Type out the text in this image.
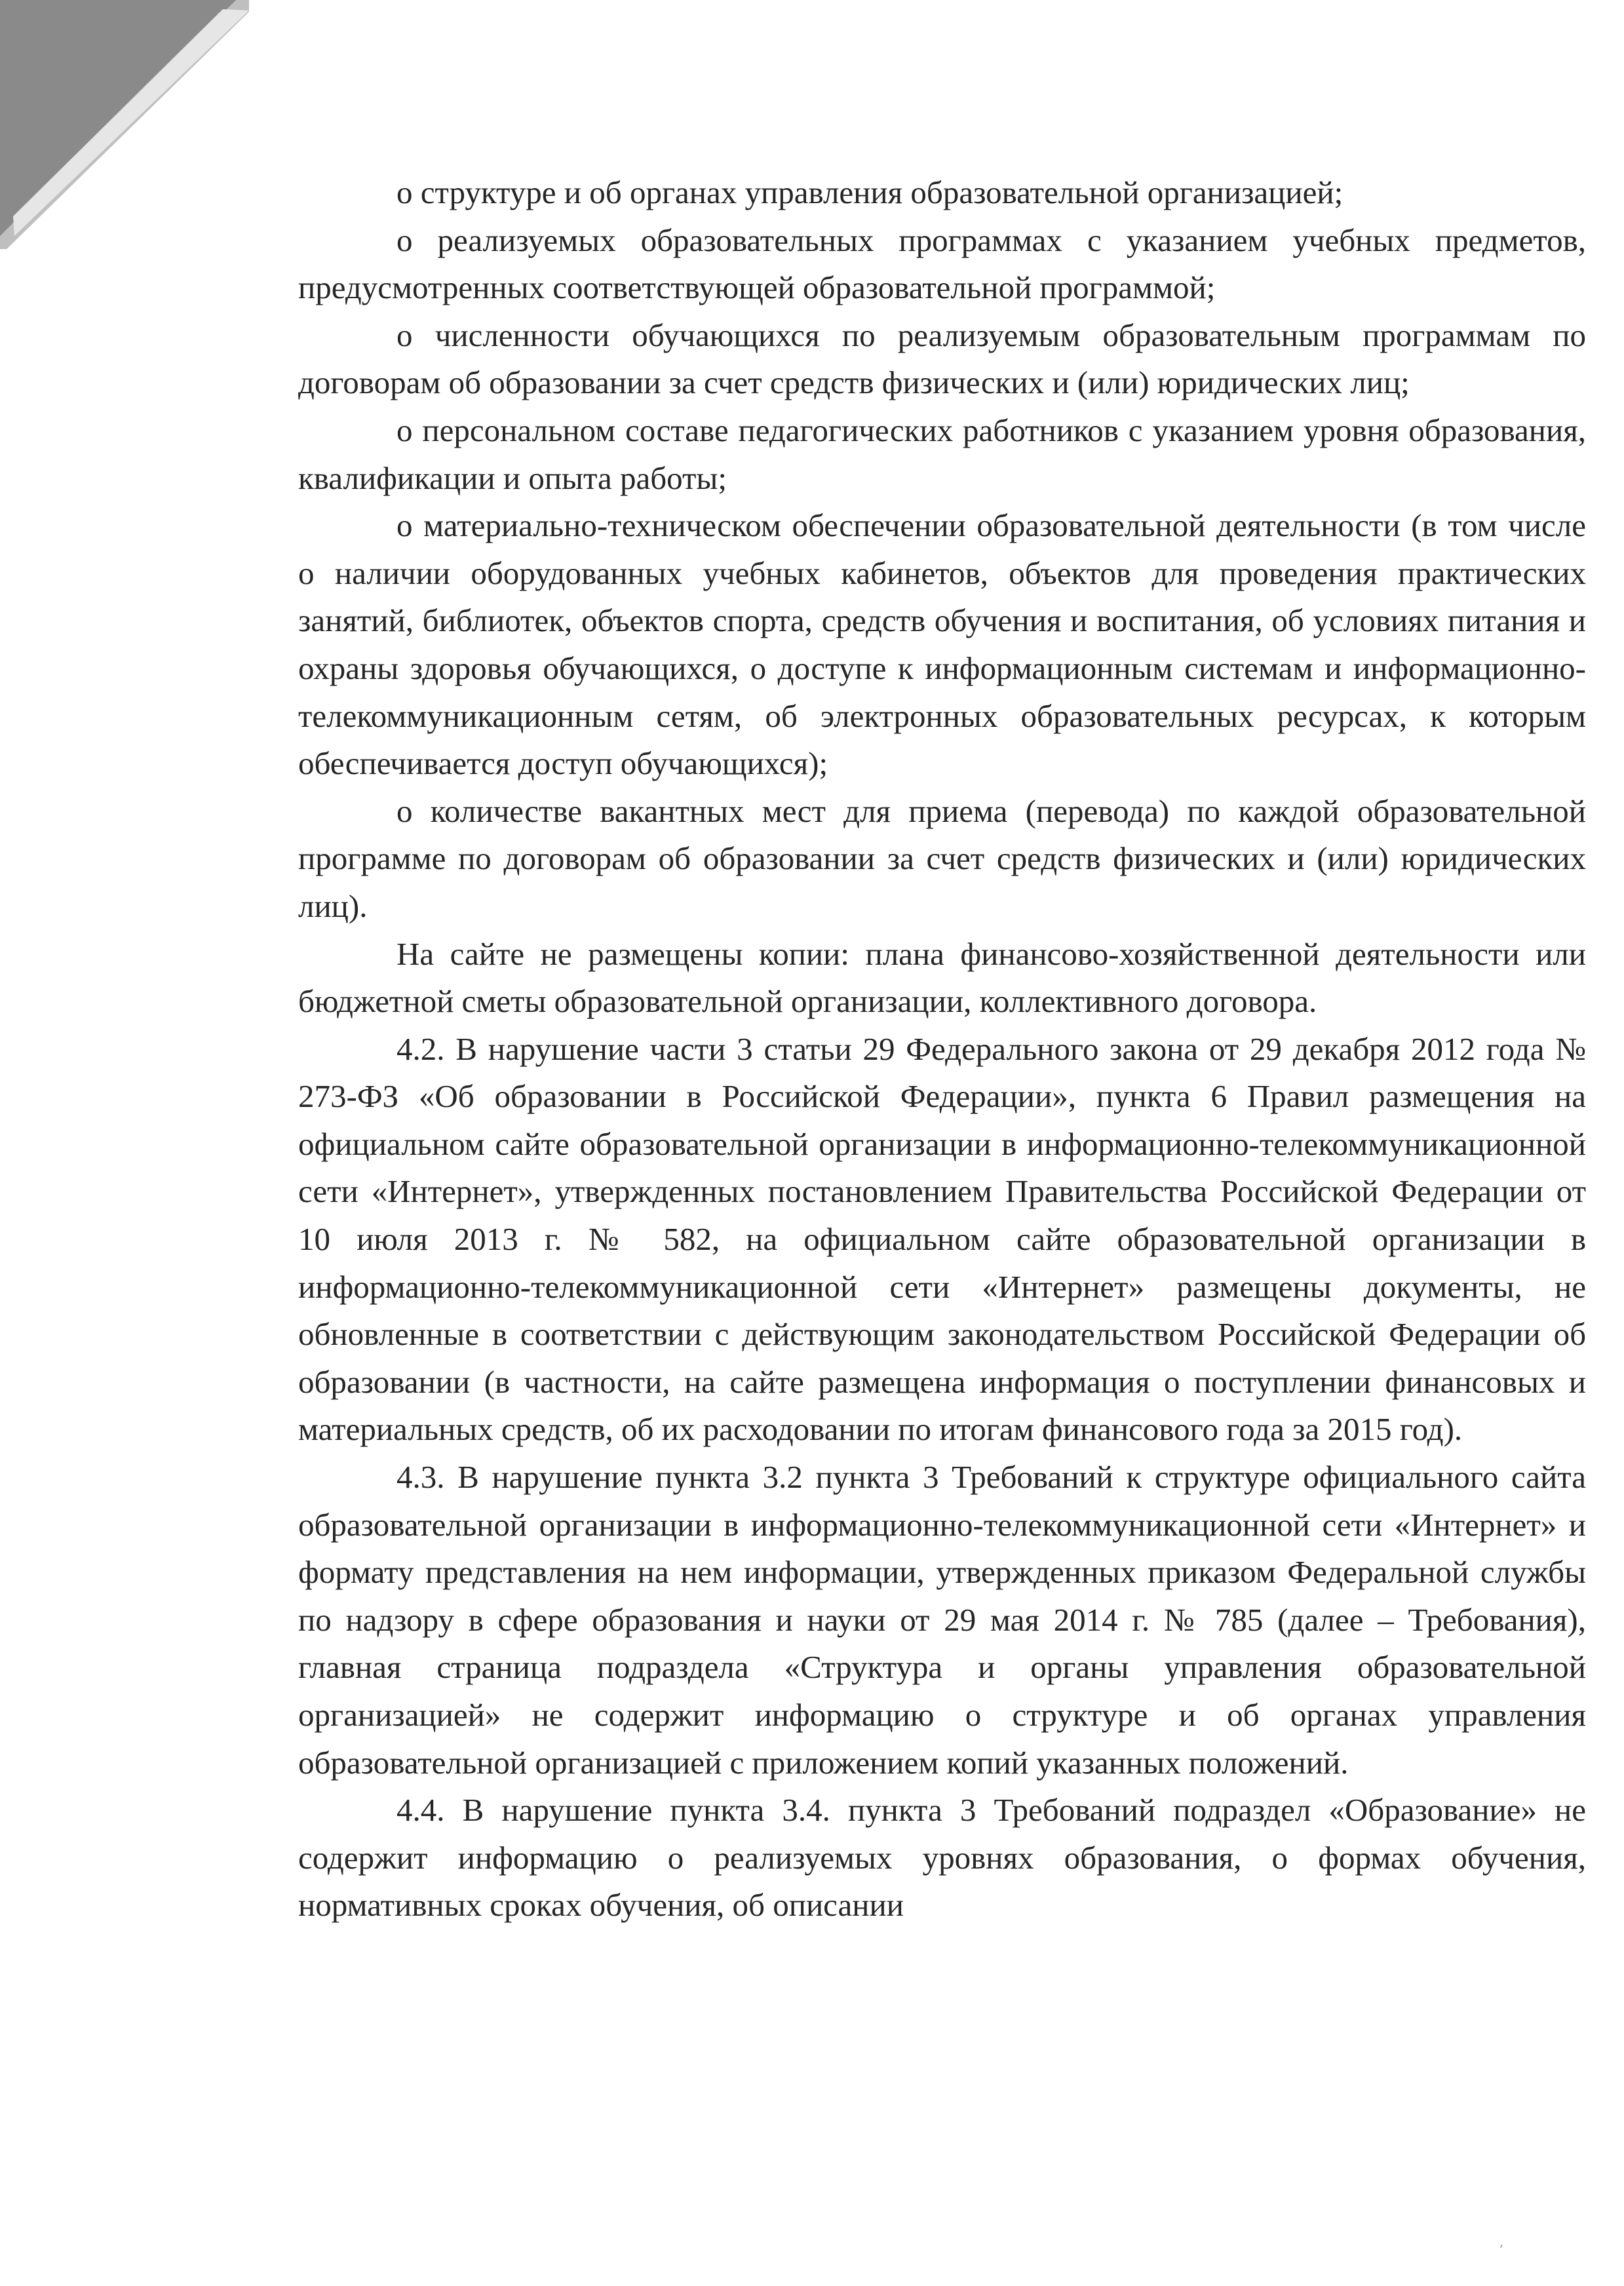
о структуре и об органах управления образовательной организацией;

о реализуемых образовательных программах с указанием учебных предметов, предусмотренных соответствующей образовательной программой;

о численности обучающихся по реализуемым образовательным программам по договорам об образовании за счет средств физических и (или) юридических лиц;

о персональном составе педагогических работников с указанием уровня образования, квалификации и опыта работы;

о материально-техническом обеспечении образовательной деятельности (в том числе о наличии оборудованных учебных кабинетов, объектов для проведения практических занятий, библиотек, объектов спорта, средств обучения и воспитания, об условиях питания и охраны здоровья обучающихся, о доступе к информационным системам и информационно-телекоммуникационным сетям, об электронных образовательных ресурсах, к которым обеспечивается доступ обучающихся);

о количестве вакантных мест для приема (перевода) по каждой образовательной программе по договорам об образовании за счет средств физических и (или) юридических лиц).

На сайте не размещены копии: плана финансово-хозяйственной деятельности или бюджетной сметы образовательной организации, коллективного договора.

4.2. В нарушение части 3 статьи 29 Федерального закона от 29 декабря 2012 года № 273-ФЗ «Об образовании в Российской Федерации», пункта 6 Правил размещения на официальном сайте образовательной организации в информационно-телекоммуникационной сети «Интернет», утвержденных постановлением Правительства Российской Федерации от 10 июля 2013 г. № 582, на официальном сайте образовательной организации в информационно-телекоммуникационной сети «Интернет» размещены документы, не обновленные в соответствии с действующим законодательством Российской Федерации об образовании (в частности, на сайте размещена информация о поступлении финансовых и материальных средств, об их расходовании по итогам финансового года за 2015 год).

4.3. В нарушение пункта 3.2 пункта 3 Требований к структуре официального сайта образовательной организации в информационно-телекоммуникационной сети «Интернет» и формату представления на нем информации, утвержденных приказом Федеральной службы по надзору в сфере образования и науки от 29 мая 2014 г. № 785 (далее – Требования), главная страница подраздела «Структура и органы управления образовательной организацией» не содержит информацию о структуре и об органах управления образовательной организацией с приложением копий указанных положений.

4.4. В нарушение пункта 3.4. пункта 3 Требований подраздел «Образование» не содержит информацию о реализуемых уровнях образования, о формах обучения, нормативных сроках обучения, об описании

,
